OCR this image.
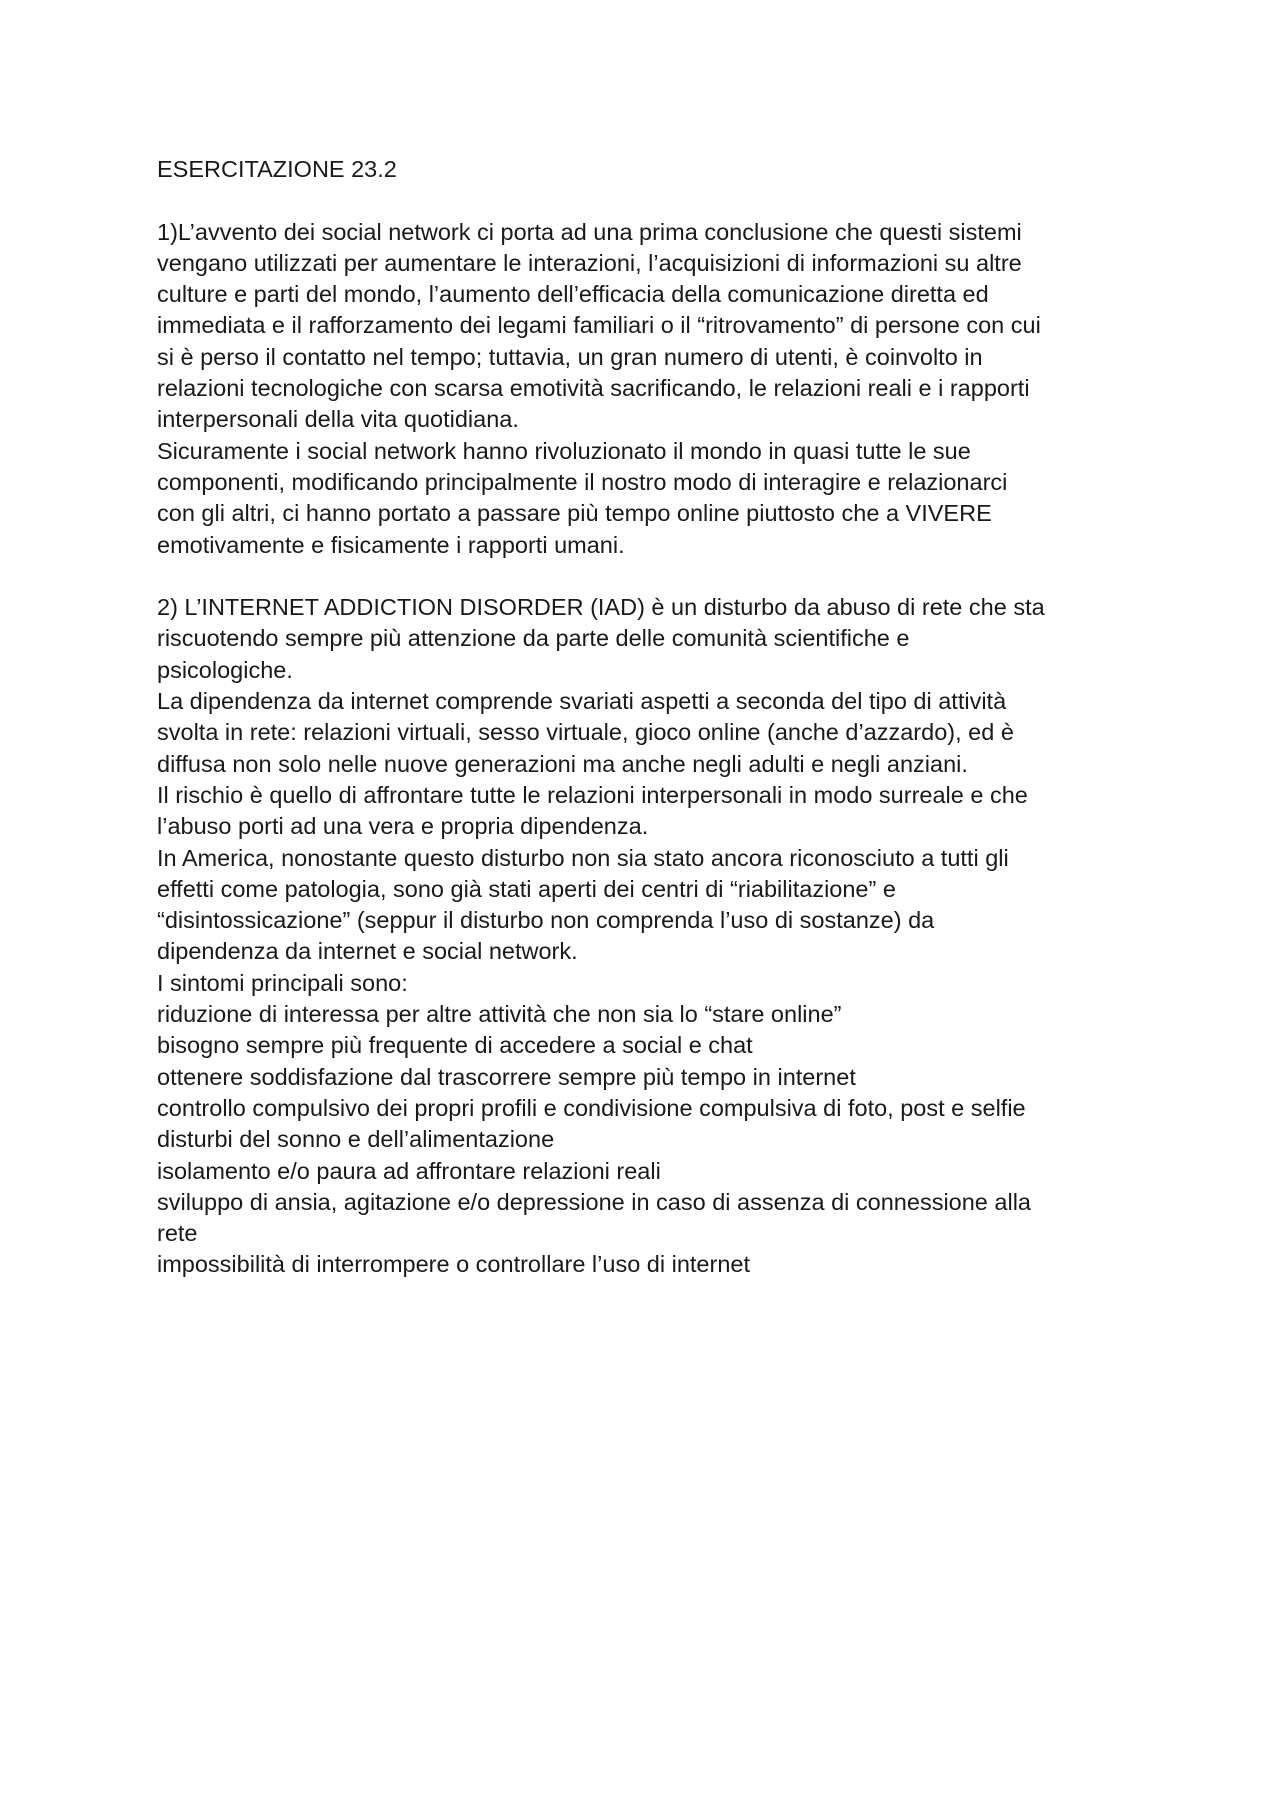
ESERCITAZIONE 23.2
1)L’avvento dei social network ci porta ad una prima conclusione che questi sistemi
vengano utilizzati per aumentare le interazioni, l’acquisizioni di informazioni su altre
culture e parti del mondo, l’aumento dell’efficacia della comunicazione diretta ed
immediata e il rafforzamento dei legami familiari o il “ritrovamento” di persone con cui
si è perso il contatto nel tempo; tuttavia, un gran numero di utenti, è coinvolto in
relazioni tecnologiche con scarsa emotività sacrificando, le relazioni reali e i rapporti
interpersonali della vita quotidiana.
Sicuramente i social network hanno rivoluzionato il mondo in quasi tutte le sue
componenti, modificando principalmente il nostro modo di interagire e relazionarci
con gli altri, ci hanno portato a passare più tempo online piuttosto che a VIVERE
emotivamente e fisicamente i rapporti umani.
2) L’INTERNET ADDICTION DISORDER (IAD) è un disturbo da abuso di rete che sta
riscuotendo sempre più attenzione da parte delle comunità scientifiche e
psicologiche.
La dipendenza da internet comprende svariati aspetti a seconda del tipo di attività
svolta in rete: relazioni virtuali, sesso virtuale, gioco online (anche d’azzardo), ed è
diffusa non solo nelle nuove generazioni ma anche negli adulti e negli anziani.
Il rischio è quello di affrontare tutte le relazioni interpersonali in modo surreale e che
l’abuso porti ad una vera e propria dipendenza.
In America, nonostante questo disturbo non sia stato ancora riconosciuto a tutti gli
effetti come patologia, sono già stati aperti dei centri di “riabilitazione” e
“disintossicazione” (seppur il disturbo non comprenda l’uso di sostanze) da
dipendenza da internet e social network.
I sintomi principali sono:
riduzione di interessa per altre attività che non sia lo “stare online”
bisogno sempre più frequente di accedere a social e chat
ottenere soddisfazione dal trascorrere sempre più tempo in internet
controllo compulsivo dei propri profili e condivisione compulsiva di foto, post e selfie
disturbi del sonno e dell’alimentazione
isolamento e/o paura ad affrontare relazioni reali
sviluppo di ansia, agitazione e/o depressione in caso di assenza di connessione alla
rete
impossibilità di interrompere o controllare l’uso di internet
